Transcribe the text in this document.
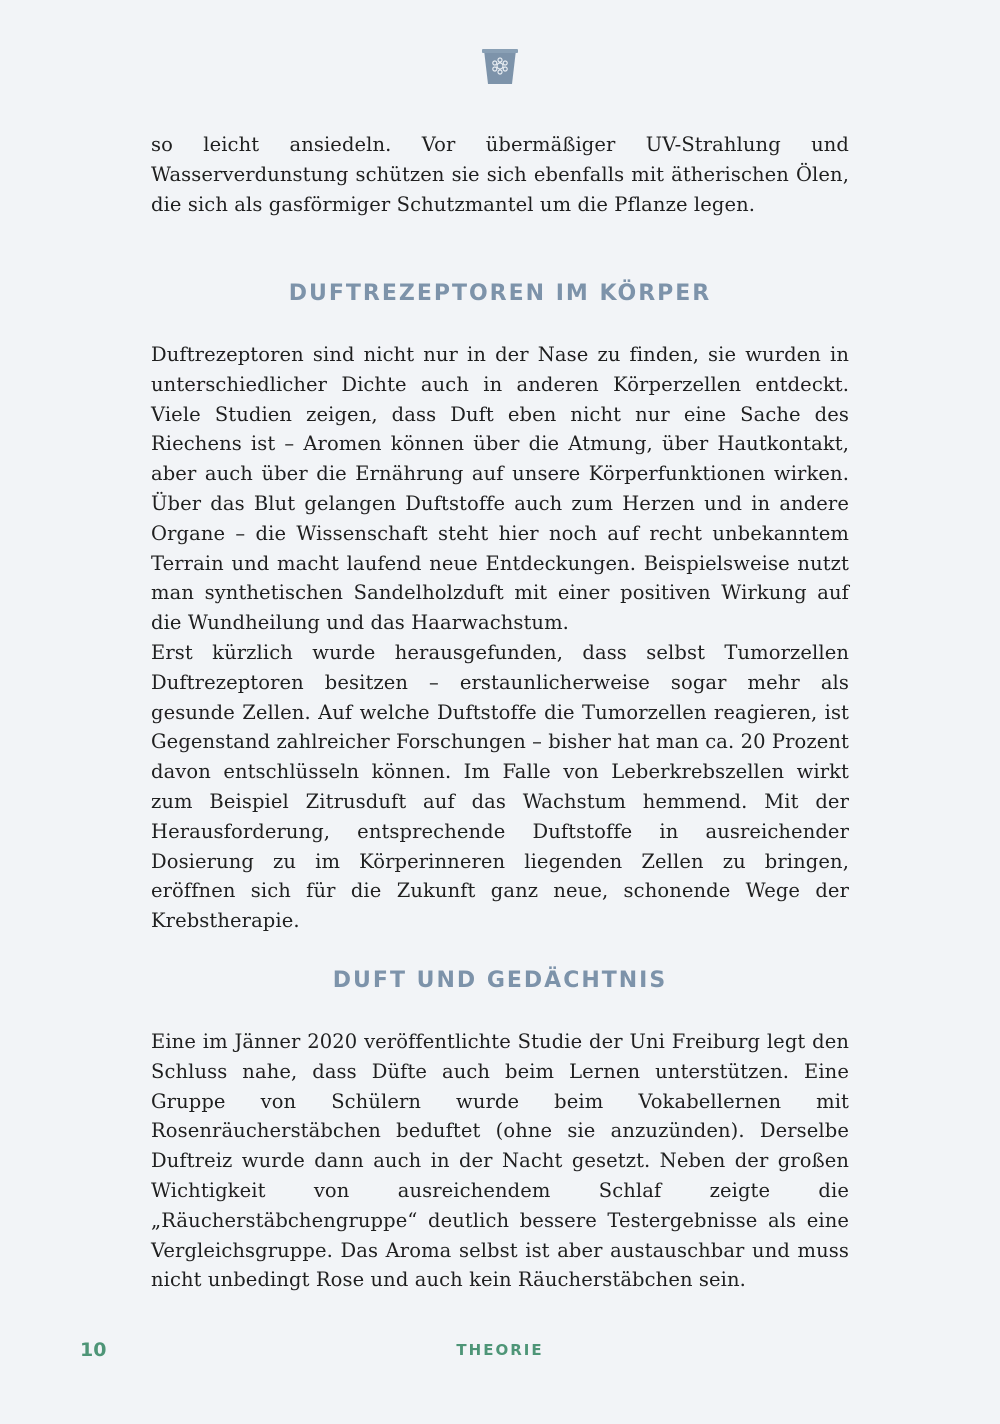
so leicht ansiedeln. Vor übermäßiger UV-Strahlung und Wasserverdunstung schützen sie sich ebenfalls mit ätherischen Ölen, die sich als gasförmiger Schutzmantel um die Pflanze legen.

DUFTREZEPTOREN IM KÖRPER

Duftrezeptoren sind nicht nur in der Nase zu finden, sie wurden in unterschiedlicher Dichte auch in anderen Körperzellen entdeckt. Viele Studien zeigen, dass Duft eben nicht nur eine Sache des Riechens ist – Aromen können über die Atmung, über Hautkontakt, aber auch über die Ernährung auf unsere Körperfunktionen wirken. Über das Blut gelangen Duftstoffe auch zum Herzen und in andere Organe – die Wissenschaft steht hier noch auf recht unbekanntem Terrain und macht laufend neue Entdeckungen. Beispielsweise nutzt man synthetischen Sandelholzduft mit einer positiven Wirkung auf die Wundheilung und das Haarwachstum.

Erst kürzlich wurde herausgefunden, dass selbst Tumorzellen Duftrezeptoren besitzen – erstaunlicherweise sogar mehr als gesunde Zellen. Auf welche Duftstoffe die Tumorzellen reagieren, ist Gegenstand zahlreicher Forschungen – bisher hat man ca. 20 Prozent davon entschlüsseln können. Im Falle von Leberkrebszellen wirkt zum Beispiel Zitrusduft auf das Wachstum hemmend. Mit der Herausforderung, entsprechende Duftstoffe in ausreichender Dosierung zu im Körperinneren liegenden Zellen zu bringen, eröffnen sich für die Zukunft ganz neue, schonende Wege der Krebstherapie.

DUFT UND GEDÄCHTNIS

Eine im Jänner 2020 veröffentlichte Studie der Uni Freiburg legt den Schluss nahe, dass Düfte auch beim Lernen unterstützen. Eine Gruppe von Schülern wurde beim Vokabellernen mit Rosenräucherstäbchen beduftet (ohne sie anzuzünden). Derselbe Duftreiz wurde dann auch in der Nacht gesetzt. Neben der großen Wichtigkeit von ausreichendem Schlaf zeigte die „Räucherstäbchengruppe“ deutlich bessere Testergebnisse als eine Vergleichsgruppe. Das Aroma selbst ist aber austauschbar und muss nicht unbedingt Rose und auch kein Räucherstäbchen sein.

10	THEORIE
